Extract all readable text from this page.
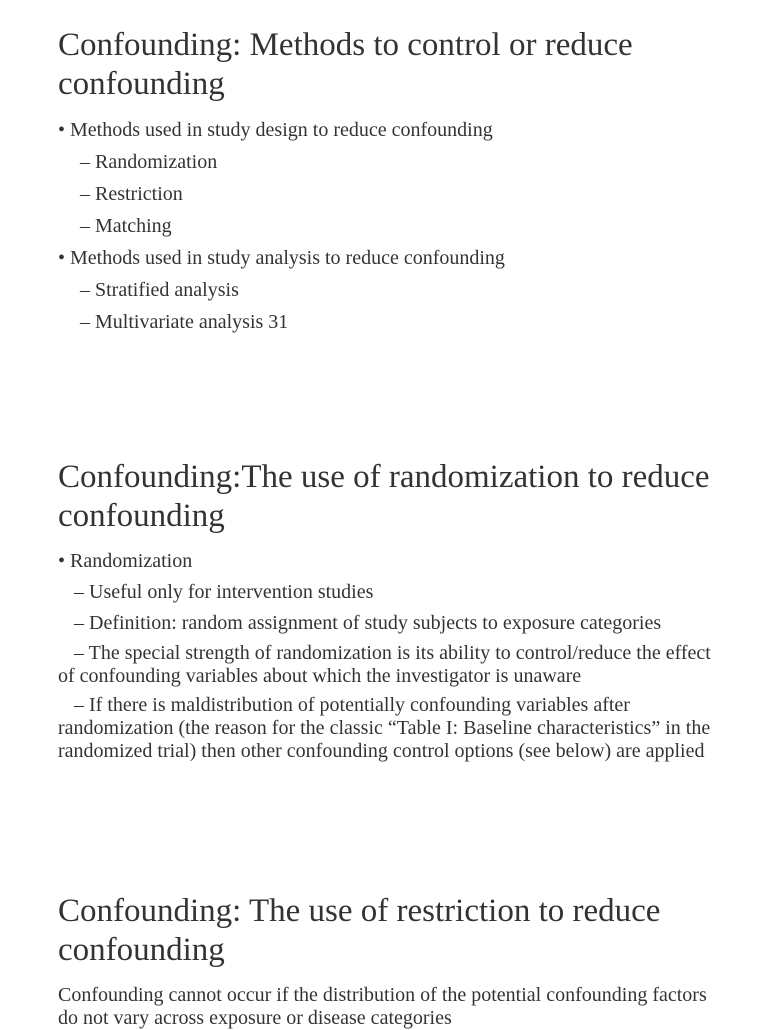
Confounding: Methods to control or reduce confounding

• Methods used in study design to reduce confounding

– Randomization

– Restriction

– Matching

• Methods used in study analysis to reduce confounding

– Stratified analysis

– Multivariate analysis 31

Confounding:The use of randomization to reduce confounding

• Randomization

– Useful only for intervention studies

– Definition: random assignment of study subjects to exposure categories

– The special strength of randomization is its ability to control/reduce the effect of confounding variables about which the investigator is unaware

– If there is maldistribution of potentially confounding variables after randomization (the reason for the classic “Table I: Baseline characteristics” in the randomized trial) then other confounding control options (see below) are applied

Confounding: The use of restriction to reduce confounding

Confounding cannot occur if the distribution of the potential confounding factors do not vary across exposure or disease categories
